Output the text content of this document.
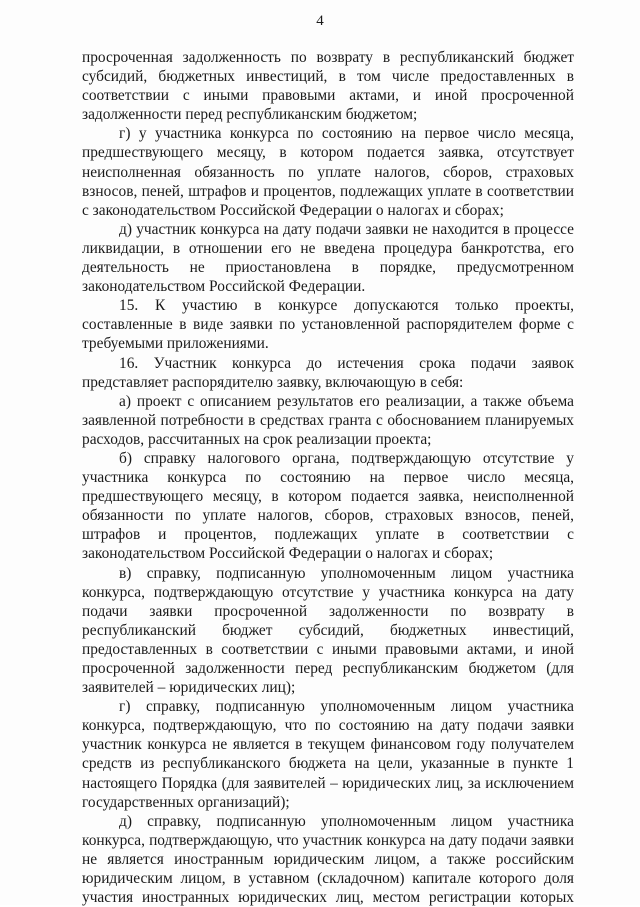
4

просроченная задолженность по возврату в республиканский бюджет субсидий, бюджетных инвестиций, в том числе предоставленных в соответствии с иными правовыми актами, и иной просроченной задолженности перед республиканским бюджетом;

г) у участника конкурса по состоянию на первое число месяца, предшествующего месяцу, в котором подается заявка, отсутствует неисполненная обязанность по уплате налогов, сборов, страховых взносов, пеней, штрафов и процентов, подлежащих уплате в соответствии с законодательством Российской Федерации о налогах и сборах;

д) участник конкурса на дату подачи заявки не находится в процессе ликвидации, в отношении его не введена процедура банкротства, его деятельность не приостановлена в порядке, предусмотренном законодательством Российской Федерации.

15. К участию в конкурсе допускаются только проекты, составленные в виде заявки по установленной распорядителем форме с требуемыми приложениями.

16. Участник конкурса до истечения срока подачи заявок представляет распорядителю заявку, включающую в себя:

а) проект с описанием результатов его реализации, а также объема заявленной потребности в средствах гранта с обоснованием планируемых расходов, рассчитанных на срок реализации проекта;

б) справку налогового органа, подтверждающую отсутствие у участника конкурса по состоянию на первое число месяца, предшествующего месяцу, в котором подается заявка, неисполненной обязанности по уплате налогов, сборов, страховых взносов, пеней, штрафов и процентов, подлежащих уплате в соответствии с законодательством Российской Федерации о налогах и сборах;

в) справку, подписанную уполномоченным лицом участника конкурса, подтверждающую отсутствие у участника конкурса на дату подачи заявки просроченной задолженности по возврату в республиканский бюджет субсидий, бюджетных инвестиций, предоставленных в соответствии с иными правовыми актами, и иной просроченной задолженности перед республиканским бюджетом (для заявителей – юридических лиц);

г) справку, подписанную уполномоченным лицом участника конкурса, подтверждающую, что по состоянию на дату подачи заявки участник конкурса не является в текущем финансовом году получателем средств из республиканского бюджета на цели, указанные в пункте 1 настоящего Порядка (для заявителей – юридических лиц, за исключением государственных организаций);

д) справку, подписанную уполномоченным лицом участника конкурса, подтверждающую, что участник конкурса на дату подачи заявки не является иностранным юридическим лицом, а также российским юридическим лицом, в уставном (складочном) капитале которого доля участия иностранных юридических лиц, местом регистрации которых
